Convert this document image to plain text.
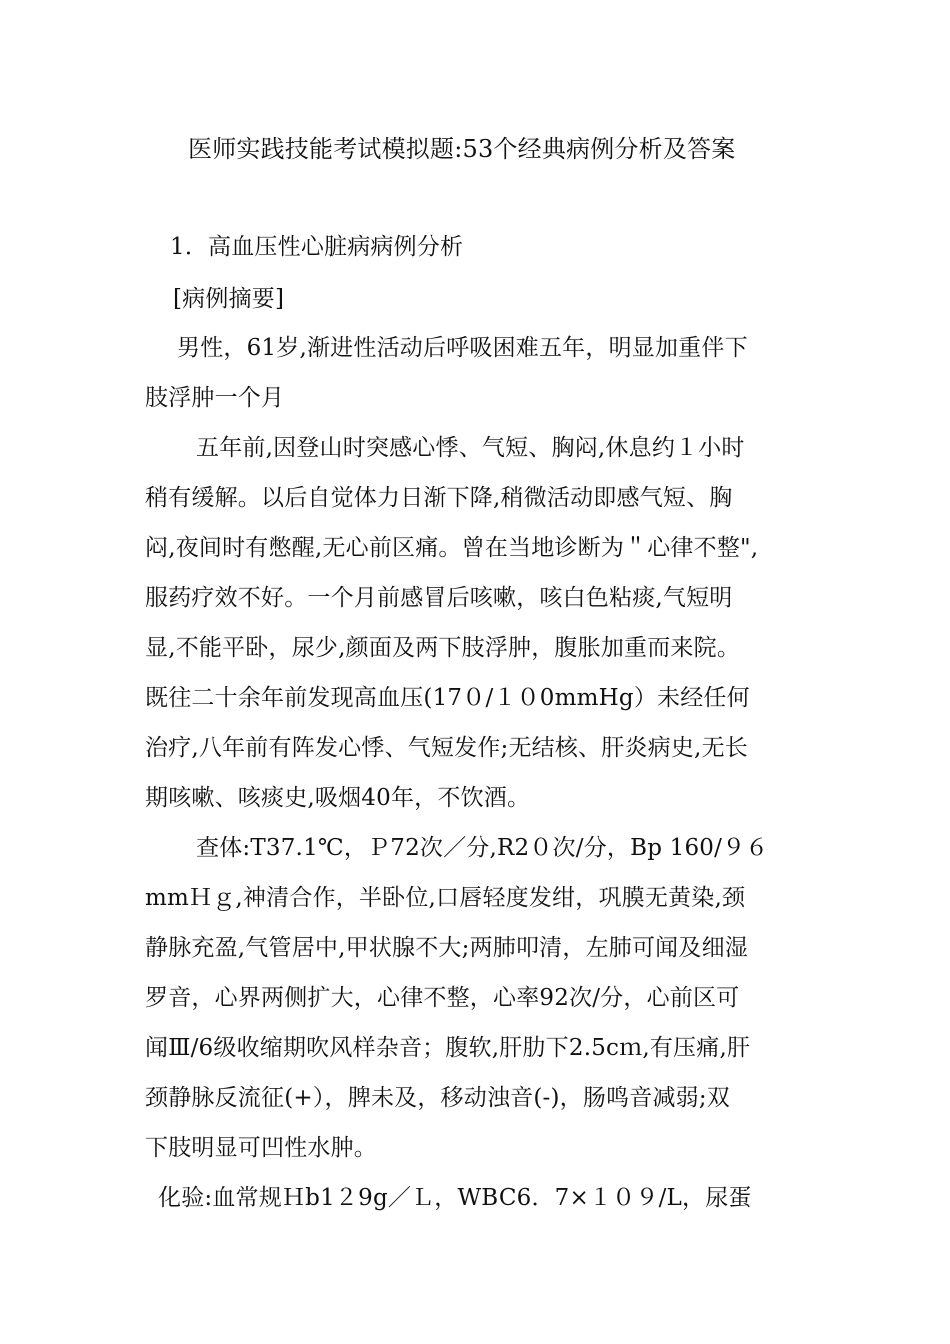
医师实践技能考试模拟题:53个经典病例分析及答案
1．高血压性心脏病病例分析
[病例摘要]
男性，61岁,渐进性活动后呼吸困难五年，明显加重伴下
肢浮肿一个月
五年前,因登山时突感心悸、气短、胸闷,休息约１小时
稍有缓解。以后自觉体力日渐下降,稍微活动即感气短、胸
闷,夜间时有憋醒,无心前区痛。曾在当地诊断为＂心律不整",
服药疗效不好。一个月前感冒后咳嗽，咳白色粘痰,气短明
显,不能平卧，尿少,颜面及两下肢浮肿，腹胀加重而来院。
既往二十余年前发现高血压(17０/１０0mmHg）未经任何
治疗,八年前有阵发心悸、气短发作;无结核、肝炎病史,无长
期咳嗽、咳痰史,吸烟40年，不饮酒。
查体:T37.1℃，Ｐ72次／分,R2０次/分，Bp 160/９６
mmＨｇ,神清合作，半卧位,口唇轻度发绀，巩膜无黄染,颈
静脉充盈,气管居中,甲状腺不大;两肺叩清，左肺可闻及细湿
罗音，心界两侧扩大，心律不整，心率92次/分，心前区可
闻Ⅲ/6级收缩期吹风样杂音；腹软,肝肋下2.5cｍ,有压痛,肝
颈静脉反流征(+），脾未及，移动浊音(-)，肠鸣音减弱;双
下肢明显可凹性水肿。
化验:血常规Ｈb1２9g／Ｌ，WBC6．7×１０９/L，尿蛋
